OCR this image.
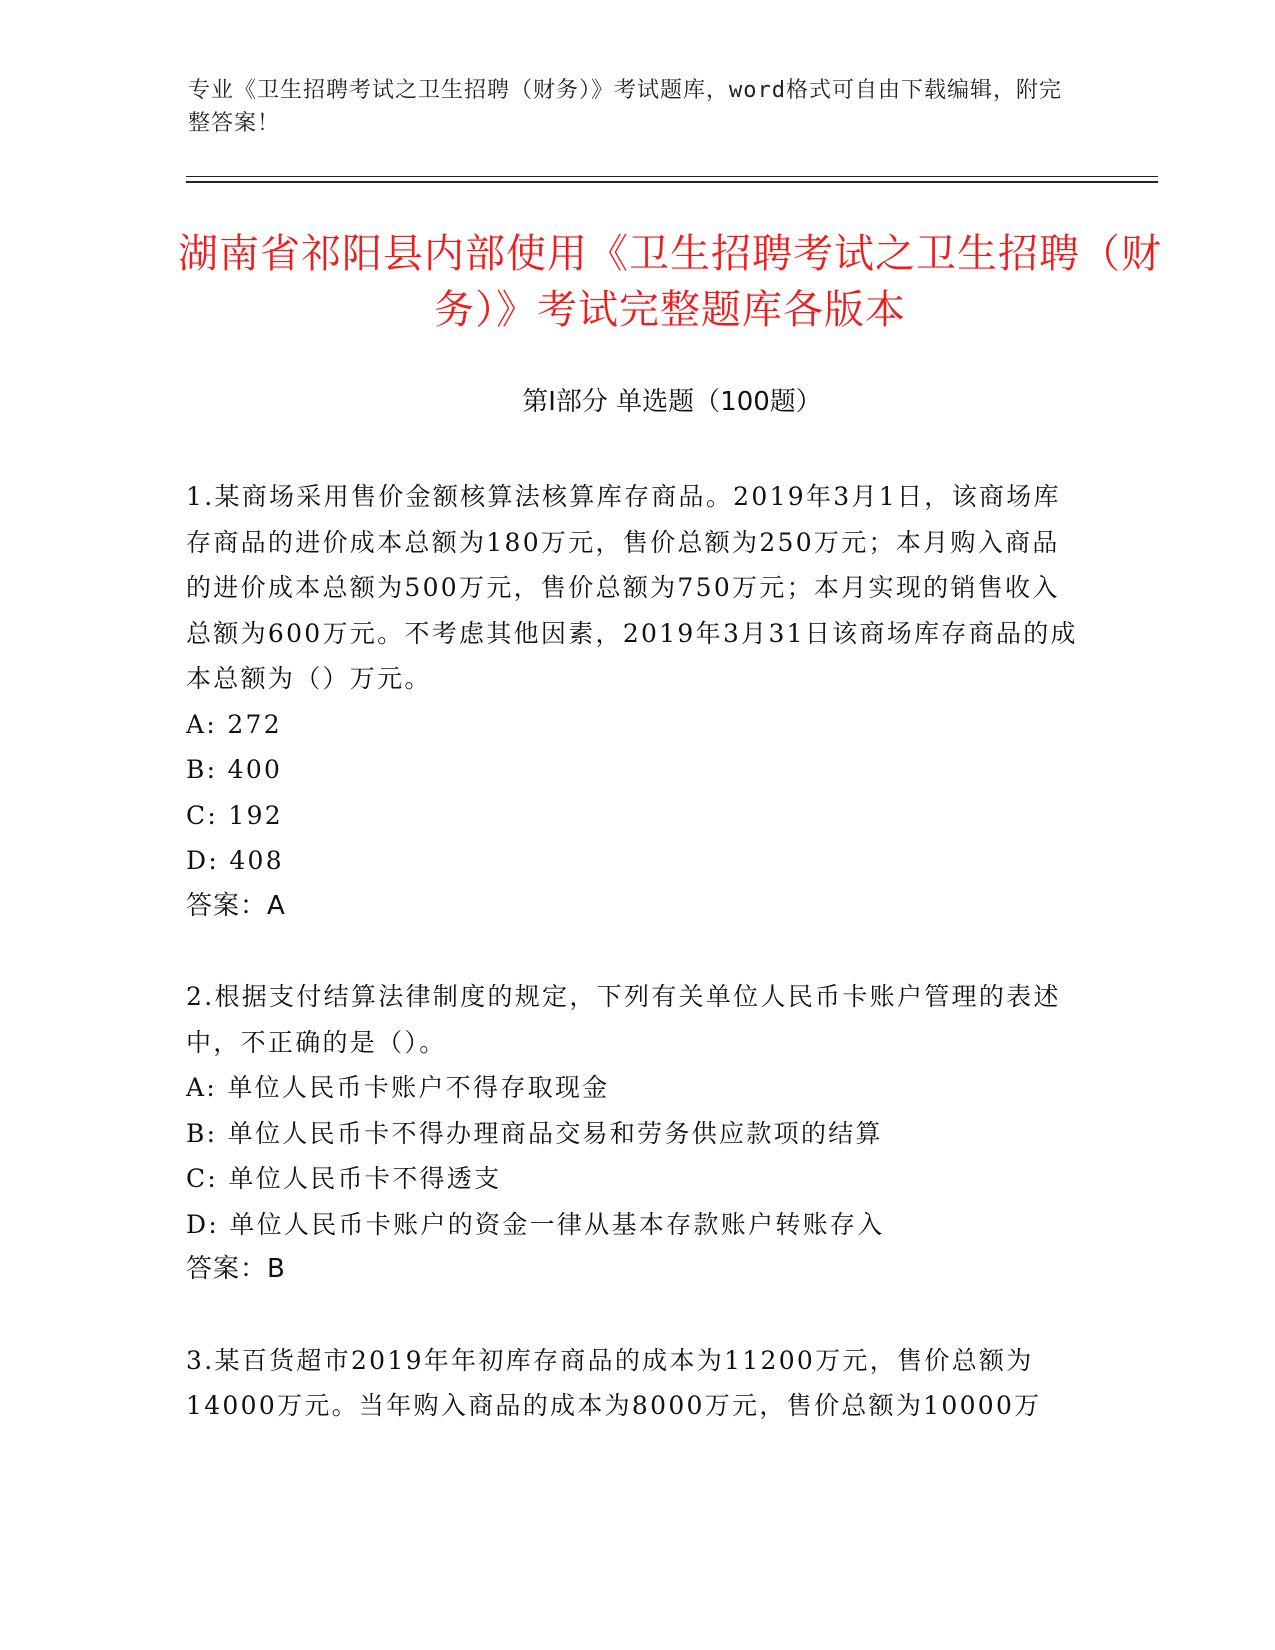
专业《卫生招聘考试之卫生招聘（财务）》考试题库，word格式可自由下载编辑，附完整答案！
湖南省祁阳县内部使用《卫生招聘考试之卫生招聘（财务）》考试完整题库各版本
第I部分 单选题（100题）

1.某商场采用售价金额核算法核算库存商品。2019年3月1日，该商场库存商品的进价成本总额为180万元，售价总额为250万元；本月购入商品的进价成本总额为500万元，售价总额为750万元；本月实现的销售收入总额为600万元。不考虑其他因素，2019年3月31日该商场库存商品的成本总额为（）万元。

A: 272

B: 400

C: 192

D: 408

答案：A

2.根据支付结算法律制度的规定，下列有关单位人民币卡账户管理的表述中，不正确的是（）。

A: 单位人民币卡账户不得存取现金

B: 单位人民币卡不得办理商品交易和劳务供应款项的结算

C: 单位人民币卡不得透支

D: 单位人民币卡账户的资金一律从基本存款账户转账存入

答案：B

3.某百货超市2019年年初库存商品的成本为11200万元，售价总额为14000万元。当年购入商品的成本为8000万元，售价总额为10000万
